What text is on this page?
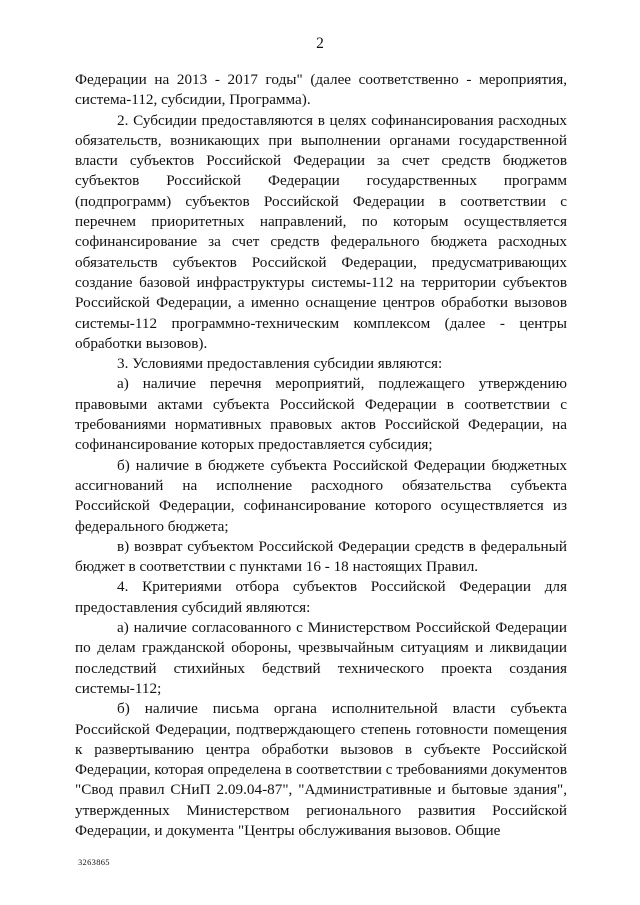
2

Федерации на 2013 - 2017 годы" (далее соответственно - мероприятия, система-112, субсидии, Программа).

2. Субсидии предоставляются в целях софинансирования расходных обязательств, возникающих при выполнении органами государственной власти субъектов Российской Федерации за счет средств бюджетов субъектов Российской Федерации государственных программ (подпрограмм) субъектов Российской Федерации в соответствии с перечнем приоритетных направлений, по которым осуществляется софинансирование за счет средств федерального бюджета расходных обязательств субъектов Российской Федерации, предусматривающих создание базовой инфраструктуры системы-112 на территории субъектов Российской Федерации, а именно оснащение центров обработки вызовов системы-112 программно-техническим комплексом (далее - центры обработки вызовов).

3. Условиями предоставления субсидии являются:

а) наличие перечня мероприятий, подлежащего утверждению правовыми актами субъекта Российской Федерации в соответствии с требованиями нормативных правовых актов Российской Федерации, на софинансирование которых предоставляется субсидия;

б) наличие в бюджете субъекта Российской Федерации бюджетных ассигнований на исполнение расходного обязательства субъекта Российской Федерации, софинансирование которого осуществляется из федерального бюджета;

в) возврат субъектом Российской Федерации средств в федеральный бюджет в соответствии с пунктами 16 - 18 настоящих Правил.

4. Критериями отбора субъектов Российской Федерации для предоставления субсидий являются:

а) наличие согласованного с Министерством Российской Федерации по делам гражданской обороны, чрезвычайным ситуациям и ликвидации последствий стихийных бедствий технического проекта создания системы-112;

б) наличие письма органа исполнительной власти субъекта Российской Федерации, подтверждающего степень готовности помещения к развертыванию центра обработки вызовов в субъекте Российской Федерации, которая определена в соответствии с требованиями документов "Свод правил СНиП 2.09.04-87", "Административные и бытовые здания", утвержденных Министерством регионального развития Российской Федерации, и документа "Центры обслуживания вызовов. Общие

3263865
